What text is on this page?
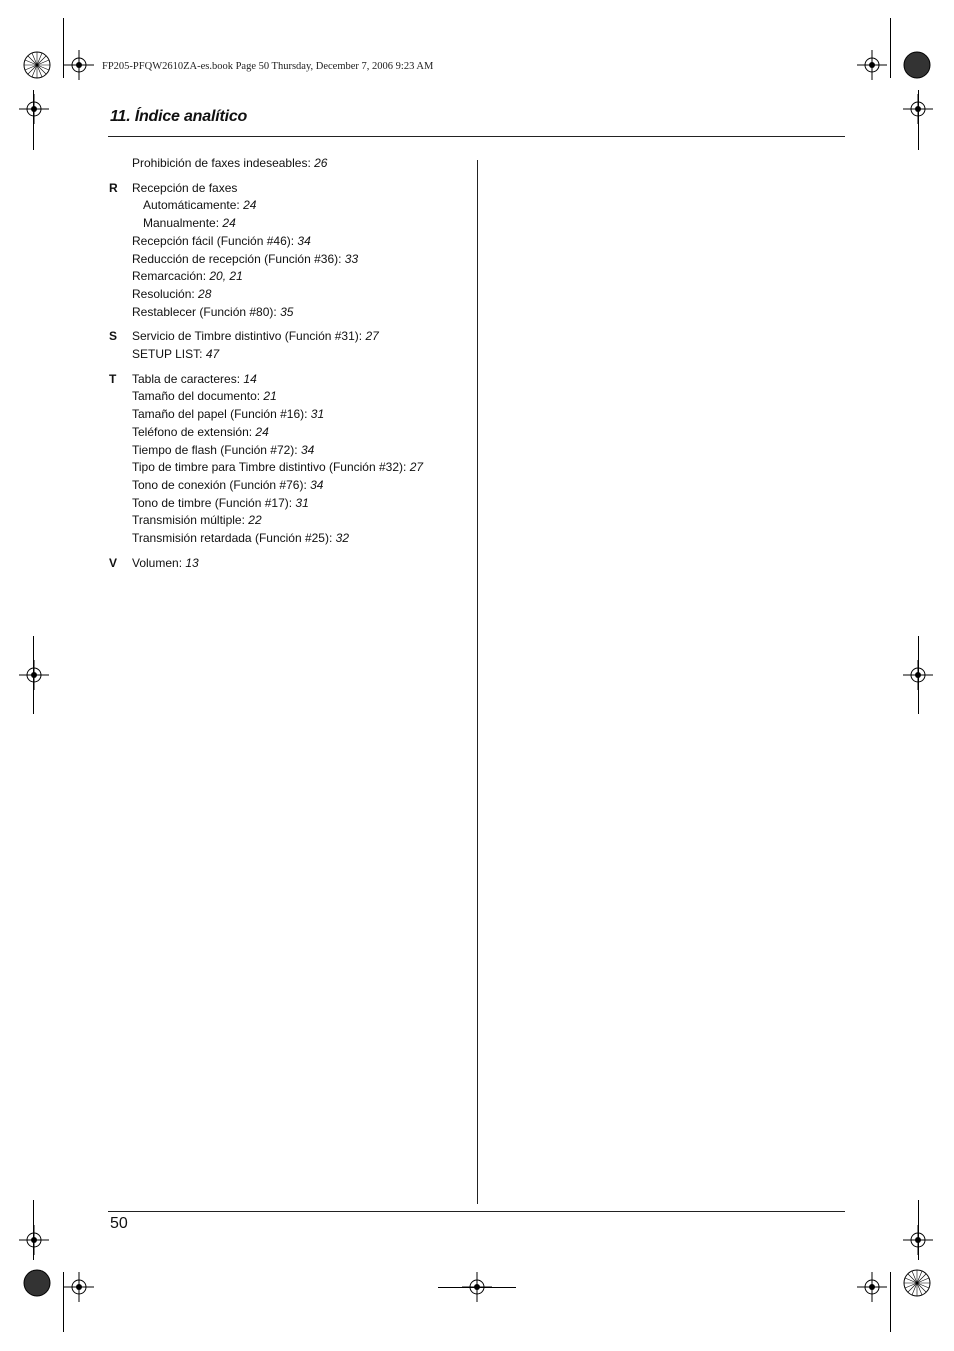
FP205-PFQW2610ZA-es.book Page 50 Thursday, December 7, 2006 9:23 AM
11. Índice analítico
Prohibición de faxes indeseables: 26
R Recepción de faxes
Automáticamente: 24
Manualmente: 24
Recepción fácil (Función #46): 34
Reducción de recepción (Función #36): 33
Remarcación: 20, 21
Resolución: 28
Restablecer (Función #80): 35
S Servicio de Timbre distintivo (Función #31): 27
SETUP LIST: 47
T Tabla de caracteres: 14
Tamaño del documento: 21
Tamaño del papel (Función #16): 31
Teléfono de extensión: 24
Tiempo de flash (Función #72): 34
Tipo de timbre para Timbre distintivo (Función #32): 27
Tono de conexión (Función #76): 34
Tono de timbre (Función #17): 31
Transmisión múltiple: 22
Transmisión retardada (Función #25): 32
V Volumen: 13
50
